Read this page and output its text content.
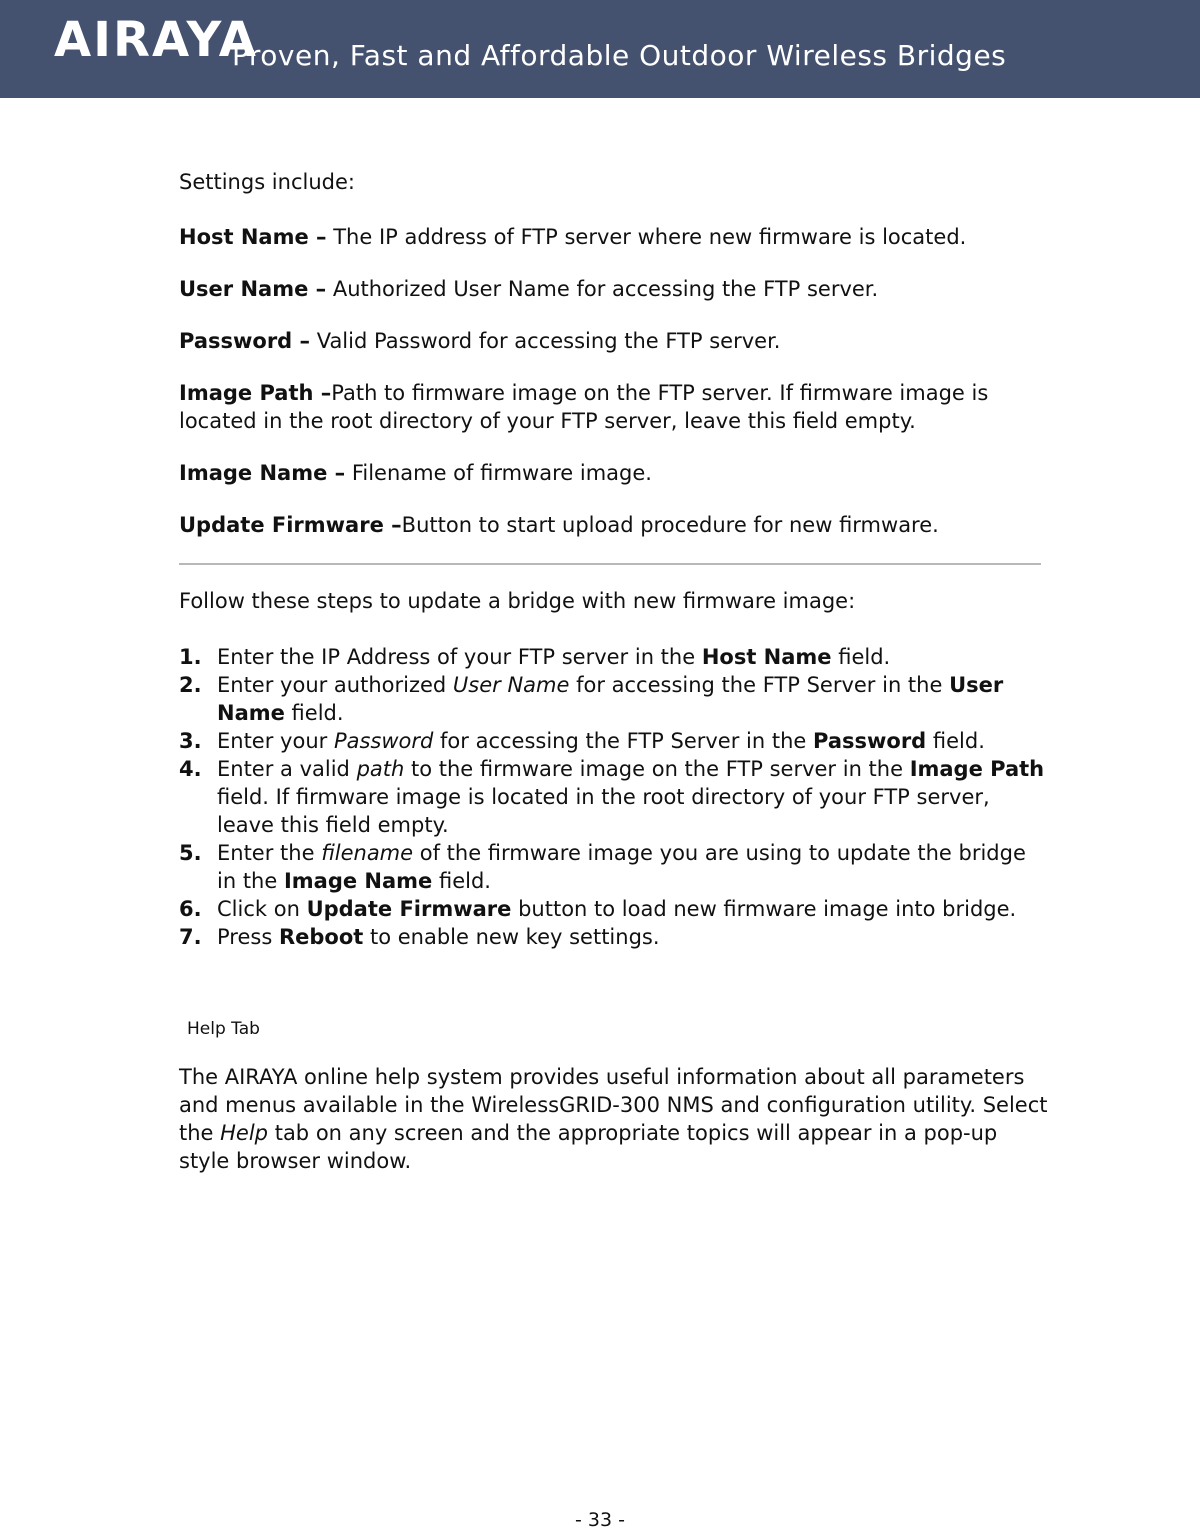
AIRAYA
Proven, Fast and Affordable Outdoor Wireless Bridges

Settings include:

Host Name – The IP address of FTP server where new firmware is located.

User Name – Authorized User Name for accessing the FTP server.

Password – Valid Password for accessing the FTP server.

Image Path –Path to firmware image on the FTP server. If firmware image is located in the root directory of your FTP server, leave this field empty.

Image Name – Filename of firmware image.

Update Firmware –Button to start upload procedure for new firmware.

Follow these steps to update a bridge with new firmware image:

1. Enter the IP Address of your FTP server in the Host Name field.
2. Enter your authorized User Name for accessing the FTP Server in the User Name field.
3. Enter your Password for accessing the FTP Server in the Password field.
4. Enter a valid path to the firmware image on the FTP server in the Image Path field. If firmware image is located in the root directory of your FTP server, leave this field empty.
5. Enter the filename of the firmware image you are using to update the bridge in the Image Name field.
6. Click on Update Firmware button to load new firmware image into bridge.
7. Press Reboot to enable new key settings.

Help Tab

The AIRAYA online help system provides useful information about all parameters and menus available in the WirelessGRID-300 NMS and configuration utility. Select the Help tab on any screen and the appropriate topics will appear in a pop-up style browser window.

- 33 -
